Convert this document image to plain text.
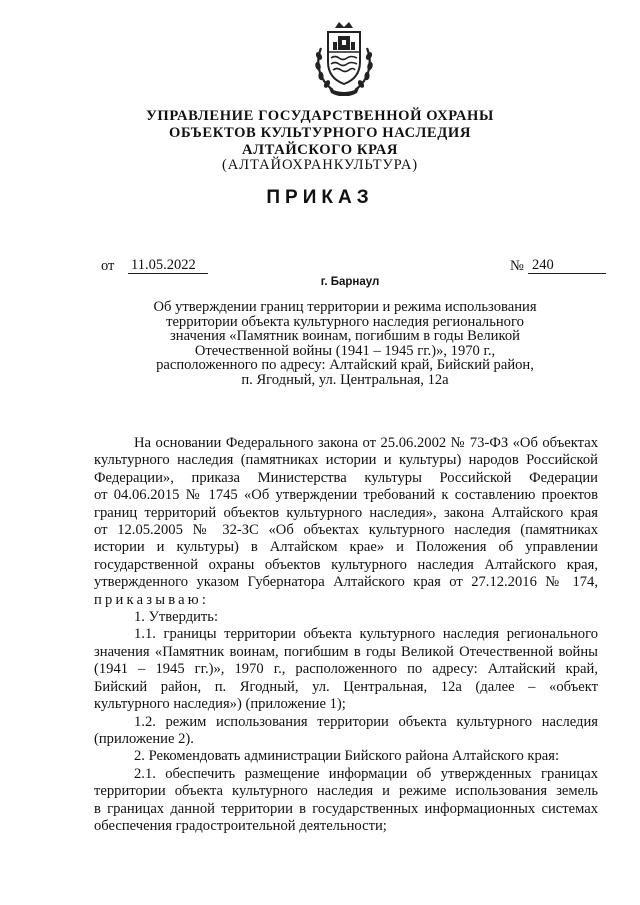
УПРАВЛЕНИЕ ГОСУДАРСТВЕННОЙ ОХРАНЫ
ОБЪЕКТОВ КУЛЬТУРНОГО НАСЛЕДИЯ
АЛТАЙСКОГО КРАЯ
(АЛТАЙОХРАНКУЛЬТУРА)
ПРИКАЗ
от 11.05.2022	№ 240
г. Барнаул
Об утверждении границ территории и режима использования
территории объекта культурного наследия регионального
значения «Памятник воинам, погибшим в годы Великой
Отечественной войны (1941 – 1945 гг.)», 1970 г.,
расположенного по адресу: Алтайский край, Бийский район,
п. Ягодный, ул. Центральная, 12а
На основании Федерального закона от 25.06.2002 № 73-ФЗ «Об объектах
культурного наследия (памятниках истории и культуры) народов Российской
Федерации», приказа Министерства культуры Российской Федерации
от 04.06.2015 № 1745 «Об утверждении требований к составлению проектов
границ территорий объектов культурного наследия», закона Алтайского края
от 12.05.2005 № 32-ЗС «Об объектах культурного наследия (памятниках
истории и культуры) в Алтайском крае» и Положения об управлении
государственной охраны объектов культурного наследия Алтайского края,
утвержденного указом Губернатора Алтайского края от 27.12.2016 № 174,
приказываю:
1. Утвердить:
1.1. границы территории объекта культурного наследия регионального
значения «Памятник воинам, погибшим в годы Великой Отечественной войны
(1941 – 1945 гг.)», 1970 г., расположенного по адресу: Алтайский край,
Бийский район, п. Ягодный, ул. Центральная, 12а (далее – «объект
культурного наследия») (приложение 1);
1.2. режим использования территории объекта культурного наследия
(приложение 2).
2. Рекомендовать администрации Бийского района Алтайского края:
2.1. обеспечить размещение информации об утвержденных границах
территории объекта культурного наследия и режиме использования земель
в границах данной территории в государственных информационных системах
обеспечения градостроительной деятельности;
